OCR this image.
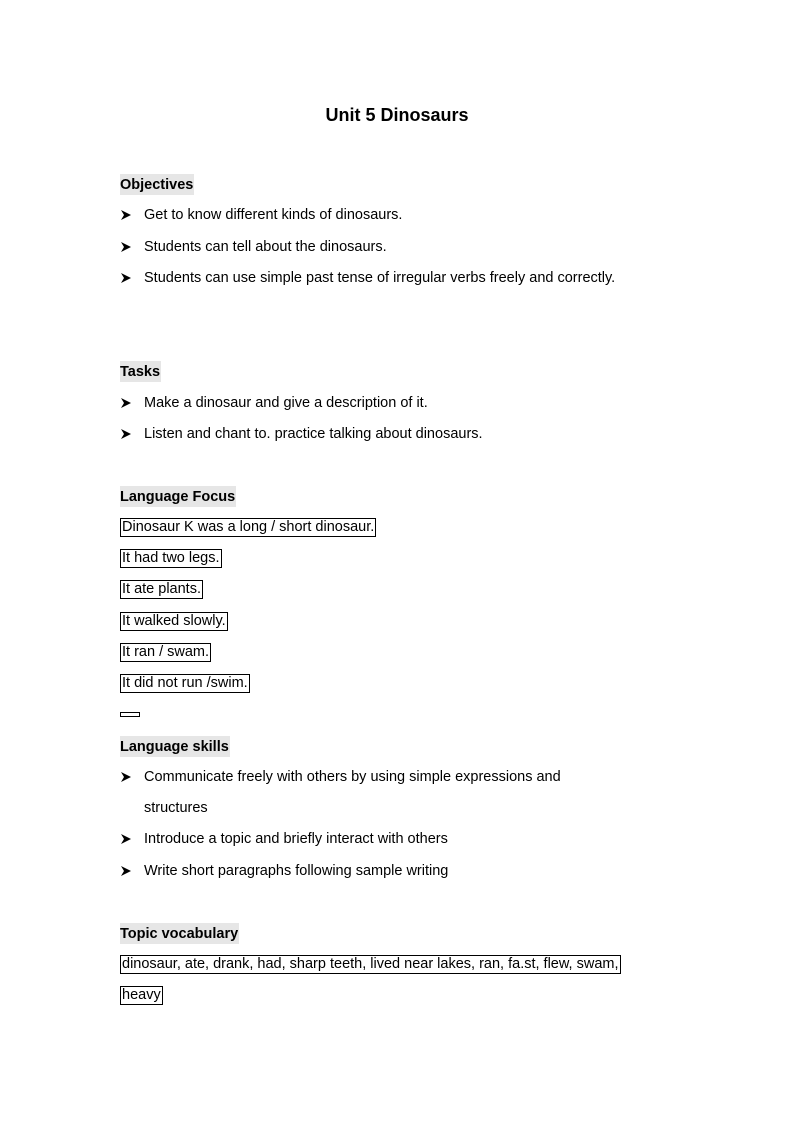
Unit 5 Dinosaurs
Objectives
Get to know different kinds of dinosaurs.
Students can tell about the dinosaurs.
Students can use simple past tense of irregular verbs freely and correctly.
Tasks
Make a dinosaur and give a description of it.
Listen and chant to. practice talking about dinosaurs.
Language Focus
Dinosaur K was a long / short dinosaur.
It had two legs.
It ate plants.
It walked slowly.
It ran / swam.
It did not run /swim.
Language skills
Communicate freely with others by using simple expressions and
structures
Introduce a topic and briefly interact with others
Write short paragraphs following sample writing
Topic vocabulary
dinosaur, ate, drank, had, sharp teeth, lived near lakes, ran, fa.st, flew, swam,
heavy
